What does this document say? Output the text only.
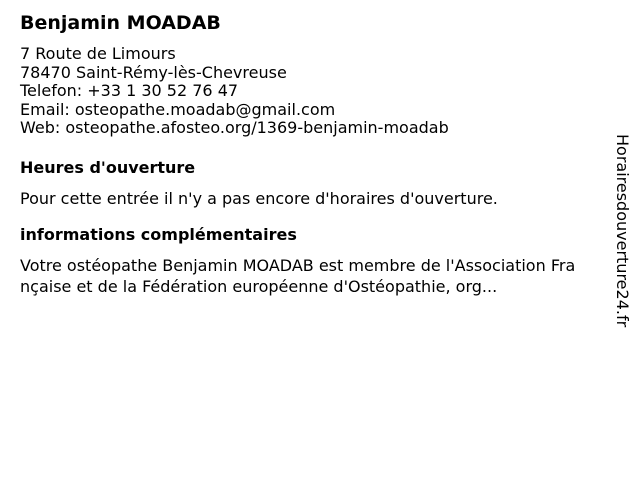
Benjamin MOADAB
7 Route de Limours
78470 Saint-Rémy-lès-Chevreuse
Telefon: +33 1 30 52 76 47
Email: osteopathe.moadab@gmail.com
Web: osteopathe.afosteo.org/1369-benjamin-moadab
Heures d'ouverture
Pour cette entrée il n'y a pas encore d'horaires d'ouverture.
informations complémentaires
Votre ostéopathe Benjamin MOADAB est membre de l'Association Française et de la Fédération européenne d'Ostéopathie, org...	Horairesdouverture24.fr
